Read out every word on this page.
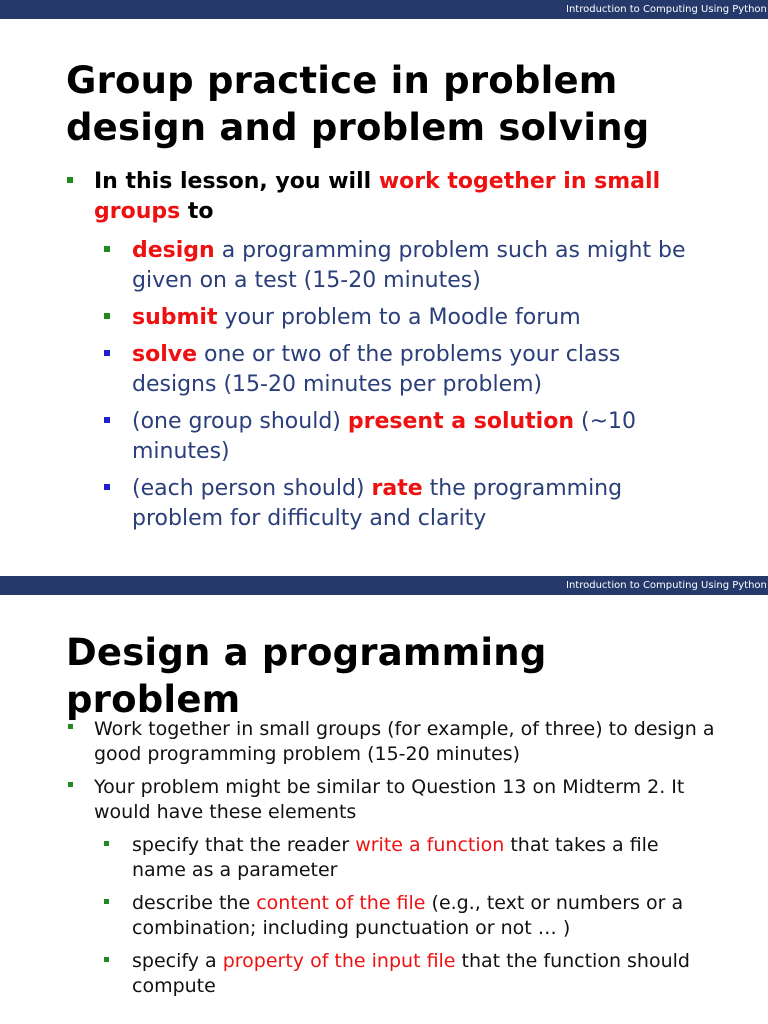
Introduction to Computing Using Python
Group practice in problem design and problem solving
In this lesson, you will work together in small groups to
design a programming problem such as might be given on a test (15-20 minutes)
submit your problem to a Moodle forum
solve one or two of the problems your class designs (15-20 minutes per problem)
(one group should) present a solution (~10 minutes)
(each person should) rate the programming problem for difficulty and clarity
Introduction to Computing Using Python
Design a programming problem
Work together in small groups (for example, of three) to design a good programming problem (15-20 minutes)
Your problem might be similar to Question 13 on Midterm 2. It would have these elements
specify that the reader write a function that takes a file name as a parameter
describe the content of the file (e.g., text or numbers or a combination; including punctuation or not … )
specify a property of the input file that the function should compute
